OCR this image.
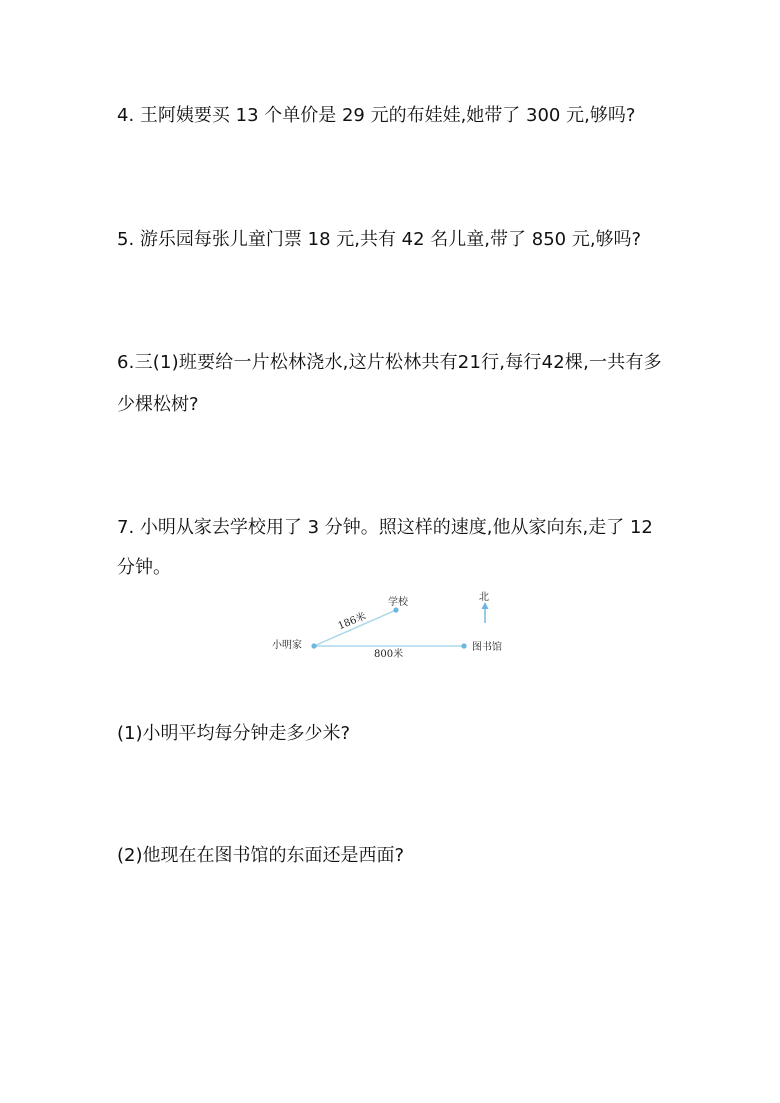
4. 王阿姨要买 13 个单价是 29 元的布娃娃,她带了 300 元,够吗?

5. 游乐园每张儿童门票 18 元,共有 42 名儿童,带了 850 元,够吗?

6.三(1)班要给一片松林浇水,这片松林共有21行,每行42棵,一共有多

少棵松树?

7. 小明从家去学校用了 3 分钟。照这样的速度,他从家向东,走了 12

分钟。

小明家
学校
图书馆
186米
800米
北

(1)小明平均每分钟走多少米?

(2)他现在在图书馆的东面还是西面?
